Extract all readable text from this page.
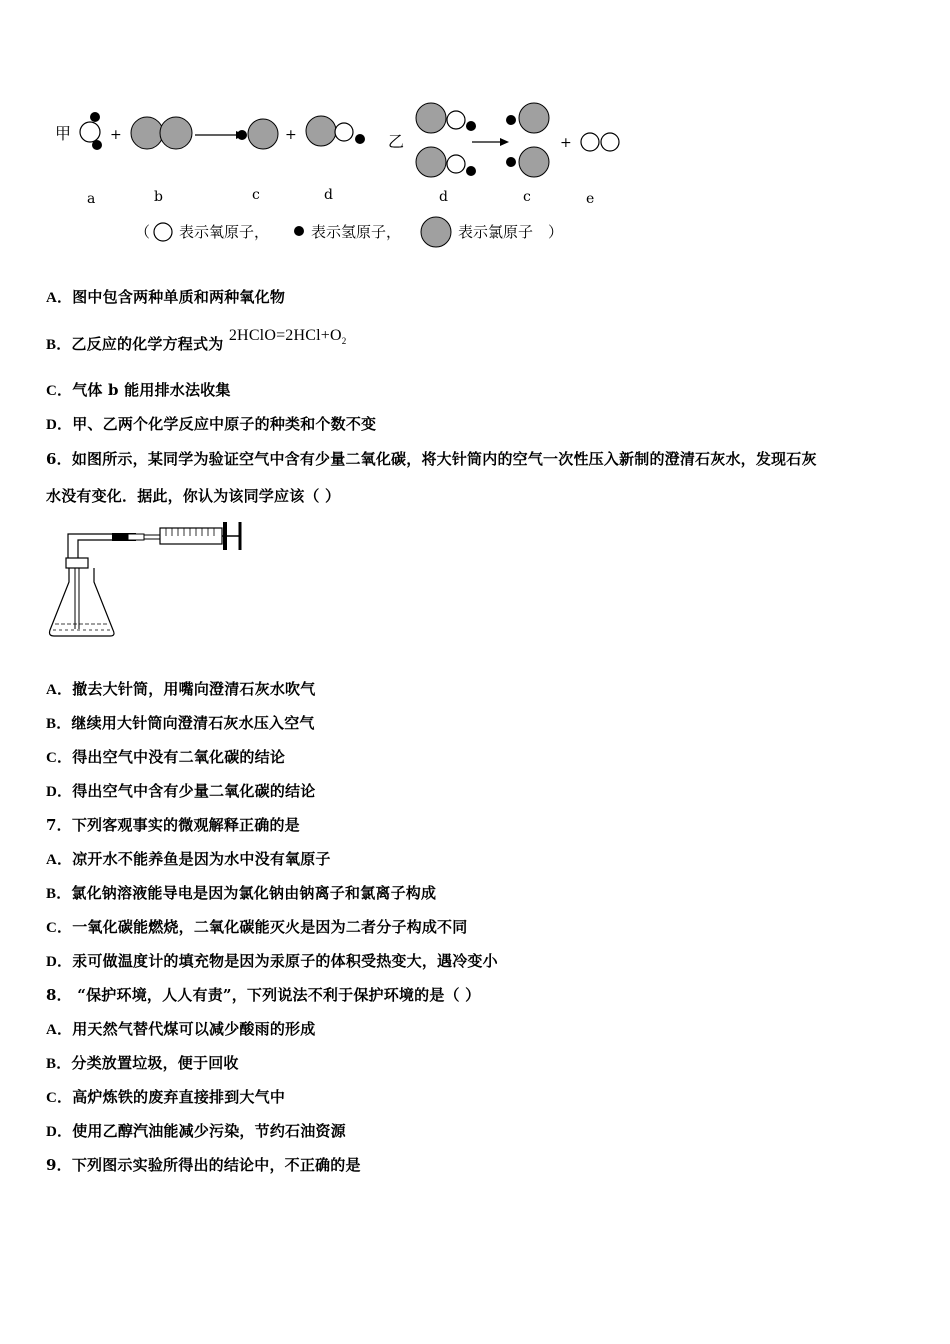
甲	+	+	乙	+
a	b	c	d	d	c	e
（ 表示氧原子，	表示氢原子，	表示氯原子 ）
A．图中包含两种单质和两种氧化物
B．乙反应的化学方程式为 $2HClO=2HCl+O_2$
C．气体 b 能用排水法收集
D．甲、乙两个化学反应中原子的种类和个数不变
6．如图所示，某同学为验证空气中含有少量二氧化碳，将大针筒内的空气一次性压入新制的澄清石灰水，发现石灰
水没有变化．据此，你认为该同学应该（ ）
A．撤去大针筒，用嘴向澄清石灰水吹气
B．继续用大针筒向澄清石灰水压入空气
C．得出空气中没有二氧化碳的结论
D．得出空气中含有少量二氧化碳的结论
7．下列客观事实的微观解释正确的是
A．凉开水不能养鱼是因为水中没有氧原子
B．氯化钠溶液能导电是因为氯化钠由钠离子和氯离子构成
C．一氧化碳能燃烧，二氧化碳能灭火是因为二者分子构成不同
D．汞可做温度计的填充物是因为汞原子的体积受热变大，遇冷变小
8． “保护环境，人人有责”，下列说法不利于保护环境的是（ ）
A．用天然气替代煤可以减少酸雨的形成
B．分类放置垃圾，便于回收
C．高炉炼铁的废弃直接排到大气中
D．使用乙醇汽油能减少污染，节约石油资源
9．下列图示实验所得出的结论中，不正确的是
